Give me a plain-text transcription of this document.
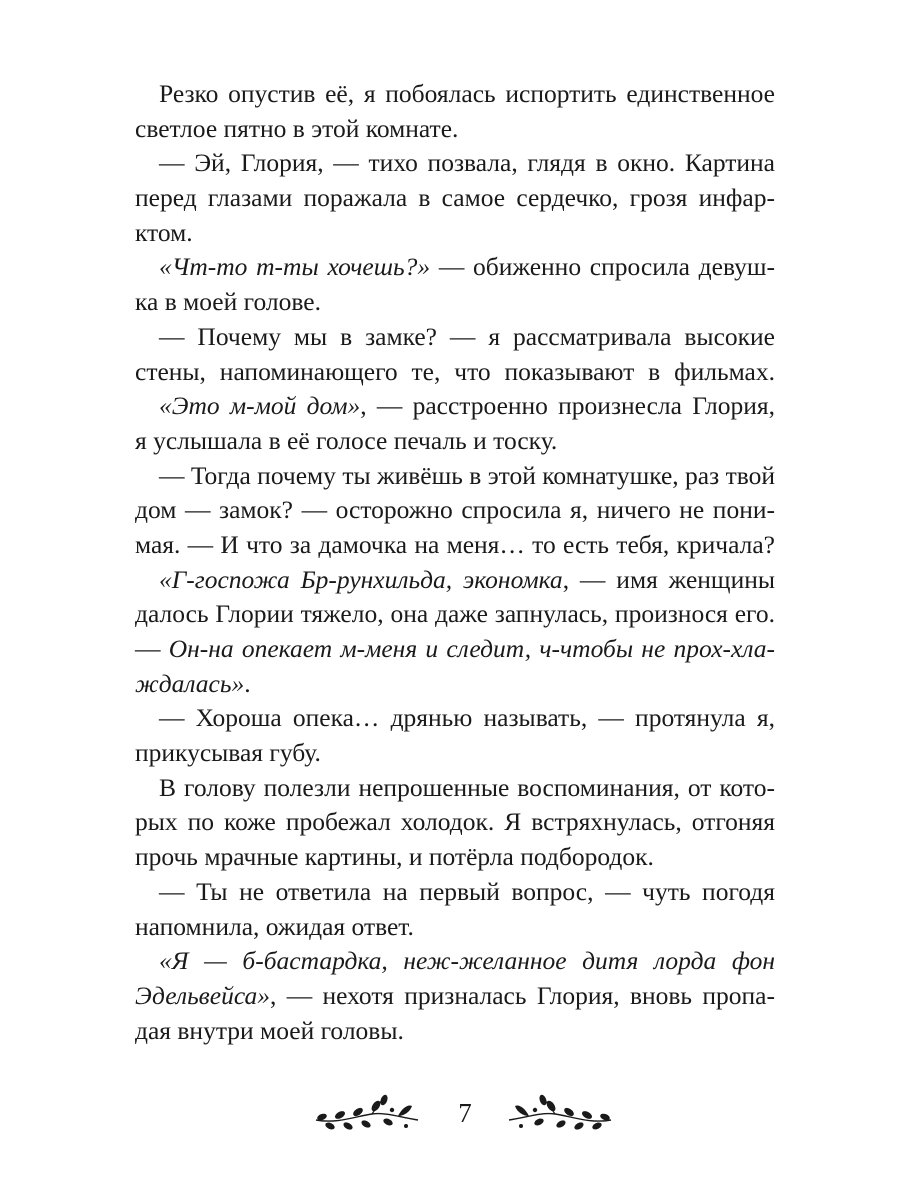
Резко опустив её, я побоялась испортить единственное
светлое пятно в этой комнате.
— Эй, Глория, — тихо позвала, глядя в окно. Картина
перед глазами поражала в самое сердечко, грозя инфар-
ктом.
«Чт-то т-ты хочешь?» — обиженно спросила девуш-
ка в моей голове.
— Почему мы в замке? — я рассматривала высокие
стены, напоминающего те, что показывают в фильмах.
«Это м-мой дом», — расстроенно произнесла Глория,
я услышала в её голосе печаль и тоску.
— Тогда почему ты живёшь в этой комнатушке, раз твой
дом — замок? — осторожно спросила я, ничего не пони-
мая. — И что за дамочка на меня… то есть тебя, кричала?
«Г-госпожа Бр-рунхильда, экономка, — имя женщины
далось Глории тяжело, она даже запнулась, произнося его.
— Он-на опекает м-меня и следит, ч-чтобы не прох-хла-
ждалась».
— Хороша опека… дрянью называть, — протянула я,
прикусывая губу.
В голову полезли непрошенные воспоминания, от кото-
рых по коже пробежал холодок. Я встряхнулась, отгоняя
прочь мрачные картины, и потёрла подбородок.
— Ты не ответила на первый вопрос, — чуть погодя
напомнила, ожидая ответ.
«Я — б-бастардка, неж-желанное дитя лорда фон
Эдельвейса», — нехотя призналась Глория, вновь пропа-
дая внутри моей головы.
7
